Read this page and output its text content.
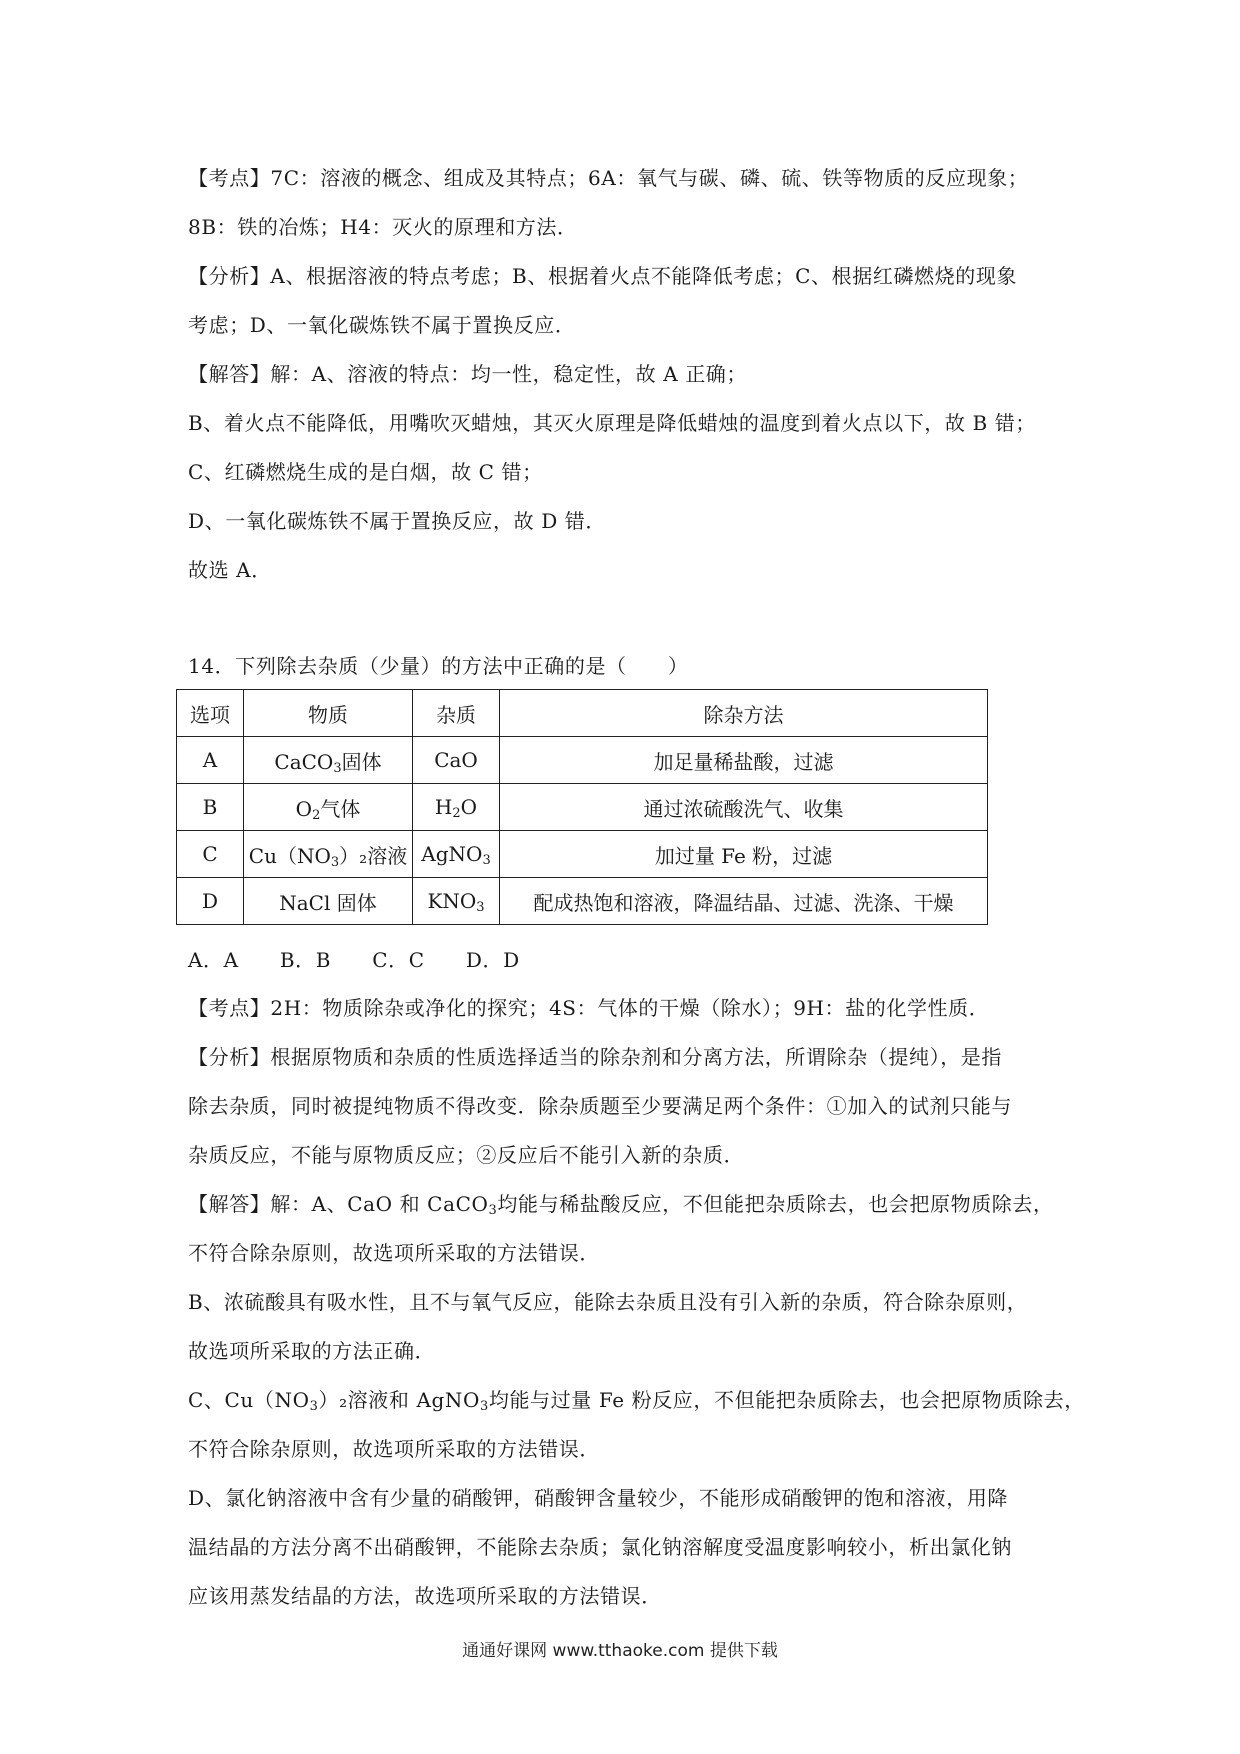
【考点】7C：溶液的概念、组成及其特点；6A：氧气与碳、磷、硫、铁等物质的反应现象；
8B：铁的冶炼；H4：灭火的原理和方法．
【分析】A、根据溶液的特点考虑；B、根据着火点不能降低考虑；C、根据红磷燃烧的现象
考虑；D、一氧化碳炼铁不属于置换反应．
【解答】解：A、溶液的特点：均一性，稳定性，故 A 正确；
B、着火点不能降低，用嘴吹灭蜡烛，其灭火原理是降低蜡烛的温度到着火点以下，故 B 错；
C、红磷燃烧生成的是白烟，故 C 错；
D、一氧化碳炼铁不属于置换反应，故 D 错．
故选 A．
14．下列除去杂质（少量）的方法中正确的是（　　）
选项	物质	杂质	除杂方法
A	CaCO$_3$固体	CaO	加足量稀盐酸，过滤
B	$O_2$气体	$H_2O$	通过浓硫酸洗气、收集
C	$Cu(NO_3)_2$溶液	AgNO$_3$	加过量 Fe 粉，过滤
D	NaCl 固体	$KNO_3$	配成热饱和溶液，降温结晶、过滤、洗涤、干燥
A．A　　B．B　　C．C　　D．D
【考点】2H：物质除杂或净化的探究；4S：气体的干燥（除水）；9H：盐的化学性质．
【分析】根据原物质和杂质的性质选择适当的除杂剂和分离方法，所谓除杂（提纯），是指
除去杂质，同时被提纯物质不得改变．除杂质题至少要满足两个条件：①加入的试剂只能与
杂质反应，不能与原物质反应；②反应后不能引入新的杂质．
【解答】解：A、CaO 和 CaCO$_3$均能与稀盐酸反应，不但能把杂质除去，也会把原物质除去，
不符合除杂原则，故选项所采取的方法错误．
B、浓硫酸具有吸水性，且不与氧气反应，能除去杂质且没有引入新的杂质，符合除杂原则，
故选项所采取的方法正确．
C、$Cu(NO_3)_2$溶液和 AgNO$_3$均能与过量 Fe 粉反应，不但能把杂质除去，也会把原物质除去，
不符合除杂原则，故选项所采取的方法错误．
D、氯化钠溶液中含有少量的硝酸钾，硝酸钾含量较少，不能形成硝酸钾的饱和溶液，用降
温结晶的方法分离不出硝酸钾，不能除去杂质；氯化钠溶解度受温度影响较小，析出氯化钠
应该用蒸发结晶的方法，故选项所采取的方法错误．
通通好课网 www.tthaoke.com 提供下载
